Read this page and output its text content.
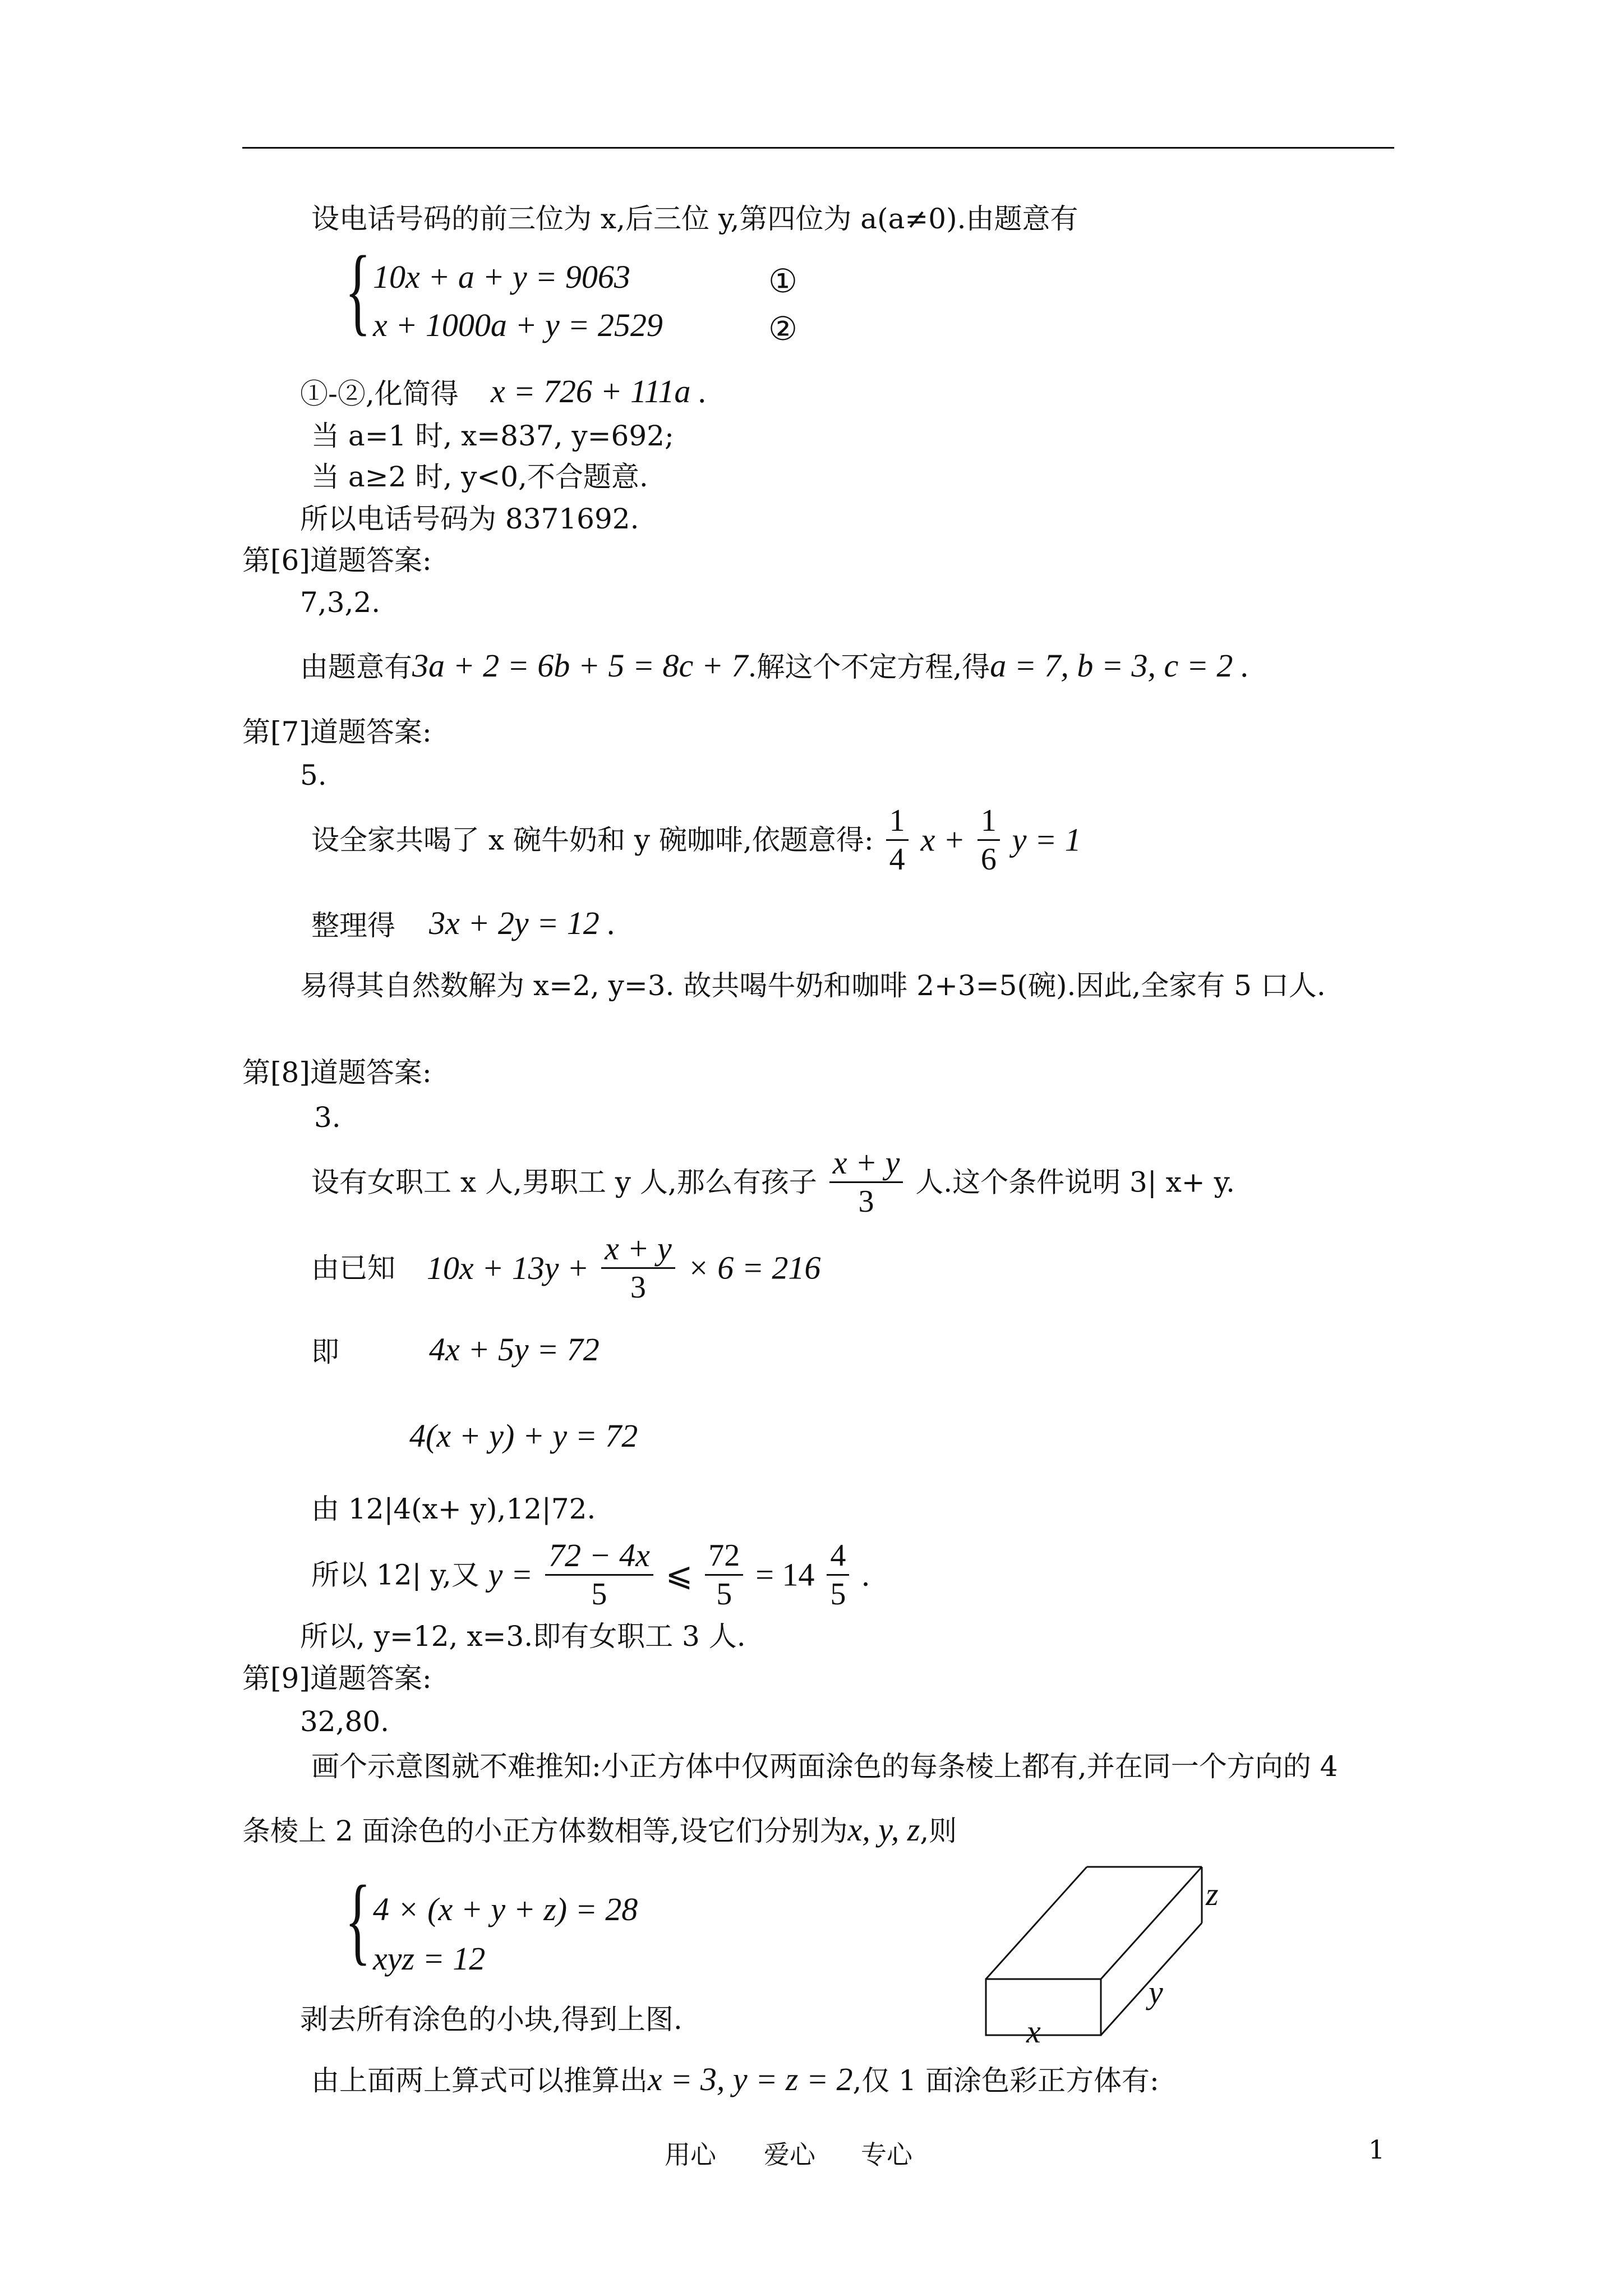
设电话号码的前三位为 x,后三位 y,第四位为 a(a≠0).由题意有
{ 10x + a + y = 9063
x + 1000a + y = 2529
①
②
①-②,化简得 x = 726 + 111a .
当 a=1 时, x=837, y=692;
当 a≥2 时, y<0,不合题意.
所以电话号码为 8371692.
第[6]道题答案:
7,3,2.
由题意有3a + 2 = 6b + 5 = 8c + 7.解这个不定方程,得a = 7, b = 3, c = 2 .
第[7]道题答案:
5.
设全家共喝了 x 碗牛奶和 y 碗咖啡,依题意得: $\frac{1}{4}$ $x + \frac{1}{6}$ y = 1
整理得 3x + 2y = 12 .
易得其自然数解为 x=2, y=3. 故共喝牛奶和咖啡 2+3=5(碗).因此,全家有 5 口人.
第[8]道题答案:
3.
设有女职工 x 人,男职工 y 人,那么有孩子 $\frac{x + y}{3}$ 人.这个条件说明 3| x+ y.
由已知 $10x + 13y + \frac{x + y}{3} \times 6 = 216$
即	4x + 5y = 72
4(x + y) + y = 72
由 12|4(x+ y),12|72.
所以 12| y,又 $y = \frac{72 - 4x}{5}$ ⩽ $\frac{72}{5} = 14 \frac{4}{5}$ .
所以, y=12, x=3.即有女职工 3 人.
第[9]道题答案:
32,80.
画个示意图就不难推知:小正方体中仅两面涂色的每条棱上都有,并在同一个方向的 4
条棱上 2 面涂色的小正方体数相等,设它们分别为x, y, z,则
{ 4 × (x + y + z) = 28
xyz = 12
剥去所有涂色的小块,得到上图.
由上面两上算式可以推算出x = 3, y = z = 2,仅 1 面涂色彩正方体有:
z
y
x
用心 爱心 专心	1
